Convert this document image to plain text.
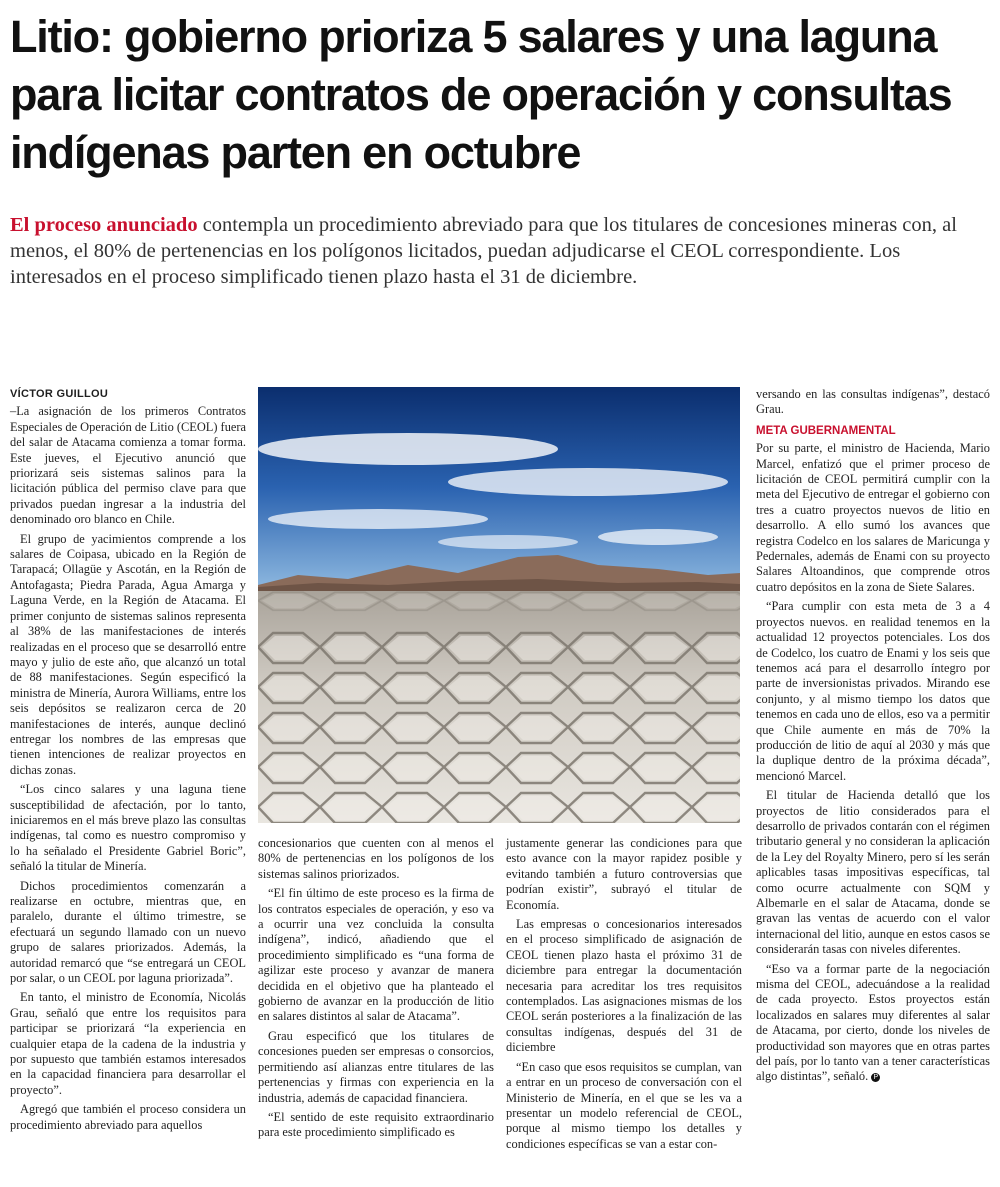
Litio: gobierno prioriza 5 salares y una laguna para licitar contratos de operación y consultas indígenas parten en octubre

El proceso anunciado contempla un procedimiento abreviado para que los titulares de concesiones mineras con, al menos, el 80% de pertenencias en los polígonos licitados, puedan adjudicarse el CEOL correspondiente. Los interesados en el proceso simplificado tienen plazo hasta el 31 de diciembre.

VÍCTOR GUILLOU

–La asignación de los primeros Contratos Especiales de Operación de Litio (CEOL) fuera del salar de Atacama comienza a tomar forma. Este jueves, el Ejecutivo anunció que priorizará seis sistemas salinos para la licitación pública del permiso clave para que privados puedan ingresar a la industria del denominado oro blanco en Chile.

El grupo de yacimientos comprende a los salares de Coipasa, ubicado en la Región de Tarapacá; Ollagüe y Ascotán, en la Región de Antofagasta; Piedra Parada, Agua Amarga y Laguna Verde, en la Región de Atacama. El primer conjunto de sistemas salinos representa al 38% de las manifestaciones de interés realizadas en el proceso que se desarrolló entre mayo y julio de este año, que alcanzó un total de 88 manifestaciones. Según especificó la ministra de Minería, Aurora Williams, entre los seis depósitos se realizaron cerca de 20 manifestaciones de interés, aunque declinó entregar los nombres de las empresas que tienen intenciones de realizar proyectos en dichas zonas.

“Los cinco salares y una laguna tiene susceptibilidad de afectación, por lo tanto, iniciaremos en el más breve plazo las consultas indígenas, tal como es nuestro compromiso y lo ha señalado el Presidente Gabriel Boric”, señaló la titular de Minería.

Dichos procedimientos comenzarán a realizarse en octubre, mientras que, en paralelo, durante el último trimestre, se efectuará un segundo llamado con un nuevo grupo de salares priorizados. Además, la autoridad remarcó que “se entregará un CEOL por salar, o un CEOL por laguna priorizada”.

En tanto, el ministro de Economía, Nicolás Grau, señaló que entre los requisitos para participar se priorizará “la experiencia en cualquier etapa de la cadena de la industria y por supuesto que también estamos interesados en la capacidad financiera para desarrollar el proyecto”.

Agregó que también el proceso considera un procedimiento abreviado para aquellos

concesionarios que cuenten con al menos el 80% de pertenencias en los polígonos de los sistemas salinos priorizados.

“El fin último de este proceso es la firma de los contratos especiales de operación, y eso va a ocurrir una vez concluida la consulta indígena”, indicó, añadiendo que el procedimiento simplificado es “una forma de agilizar este proceso y avanzar de manera decidida en el objetivo que ha planteado el gobierno de avanzar en la producción de litio en salares distintos al salar de Atacama”.

Grau especificó que los titulares de concesiones pueden ser empresas o consorcios, permitiendo así alianzas entre titulares de las pertenencias y firmas con experiencia en la industria, además de capacidad financiera.

“El sentido de este requisito extraordinario para este procedimiento simplificado es

justamente generar las condiciones para que esto avance con la mayor rapidez posible y evitando también a futuro controversias que podrían existir”, subrayó el titular de Economía.

Las empresas o concesionarios interesados en el proceso simplificado de asignación de CEOL tienen plazo hasta el próximo 31 de diciembre para entregar la documentación necesaria para acreditar los tres requisitos contemplados. Las asignaciones mismas de los CEOL serán posteriores a la finalización de las consultas indígenas, después del 31 de diciembre

“En caso que esos requisitos se cumplan, van a entrar en un proceso de conversación con el Ministerio de Minería, en el que se les va a presentar un modelo referencial de CEOL, porque al mismo tiempo los detalles y condiciones específicas se van a estar con-

versando en las consultas indígenas”, destacó Grau.

META GUBERNAMENTAL

Por su parte, el ministro de Hacienda, Mario Marcel, enfatizó que el primer proceso de licitación de CEOL permitirá cumplir con la meta del Ejecutivo de entregar el gobierno con tres a cuatro proyectos nuevos de litio en desarrollo. A ello sumó los avances que registra Codelco en los salares de Maricunga y Pedernales, además de Enami con su proyecto Salares Altoandinos, que comprende otros cuatro depósitos en la zona de Siete Salares.

“Para cumplir con esta meta de 3 a 4 proyectos nuevos. en realidad tenemos en la actualidad 12 proyectos potenciales. Los dos de Codelco, los cuatro de Enami y los seis que tenemos acá para el desarrollo íntegro por parte de inversionistas privados. Mirando ese conjunto, y al mismo tiempo los datos que tenemos en cada uno de ellos, eso va a permitir que Chile aumente en más de 70% la producción de litio de aquí al 2030 y más que la duplique dentro de la próxima década”, mencionó Marcel.

El titular de Hacienda detalló que los proyectos de litio considerados para el desarrollo de privados contarán con el régimen tributario general y no consideran la aplicación de la Ley del Royalty Minero, pero sí les serán aplicables tasas impositivas específicas, tal como ocurre actualmente con SQM y Albemarle en el salar de Atacama, donde se gravan las ventas de acuerdo con el valor internacional del litio, aunque en estos casos se considerarán tasas con niveles diferentes.

“Eso va a formar parte de la negociación misma del CEOL, adecuándose a la realidad de cada proyecto. Estos proyectos están localizados en salares muy diferentes al salar de Atacama, por cierto, donde los niveles de productividad son mayores que en otras partes del país, por lo tanto van a tener características algo distintas”, señaló. P
